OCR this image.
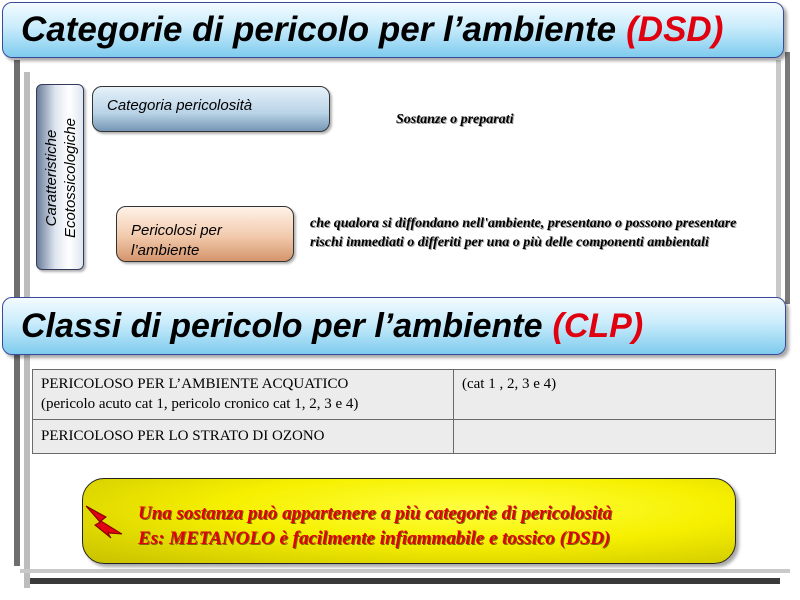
Categorie di pericolo per l’ambiente (DSD)
Caratteristiche Ecotossicologiche
Categoria pericolosità
Sostanze o preparati
Pericolosi per
l’ambiente
che qualora si diffondano nell'ambiente, presentano o possono presentare
rischi immediati o differiti per una o più delle componenti ambientali
Classi di pericolo per l’ambiente (CLP)
PERICOLOSO PER L’AMBIENTE ACQUATICO
(pericolo acuto cat 1, pericolo cronico cat 1, 2, 3 e 4)	(cat 1 , 2, 3 e 4)
PERICOLOSO PER LO STRATO DI OZONO	
Una sostanza può appartenere a più categorie di pericolosità
Es: METANOLO è facilmente infiammabile e tossico (DSD)
